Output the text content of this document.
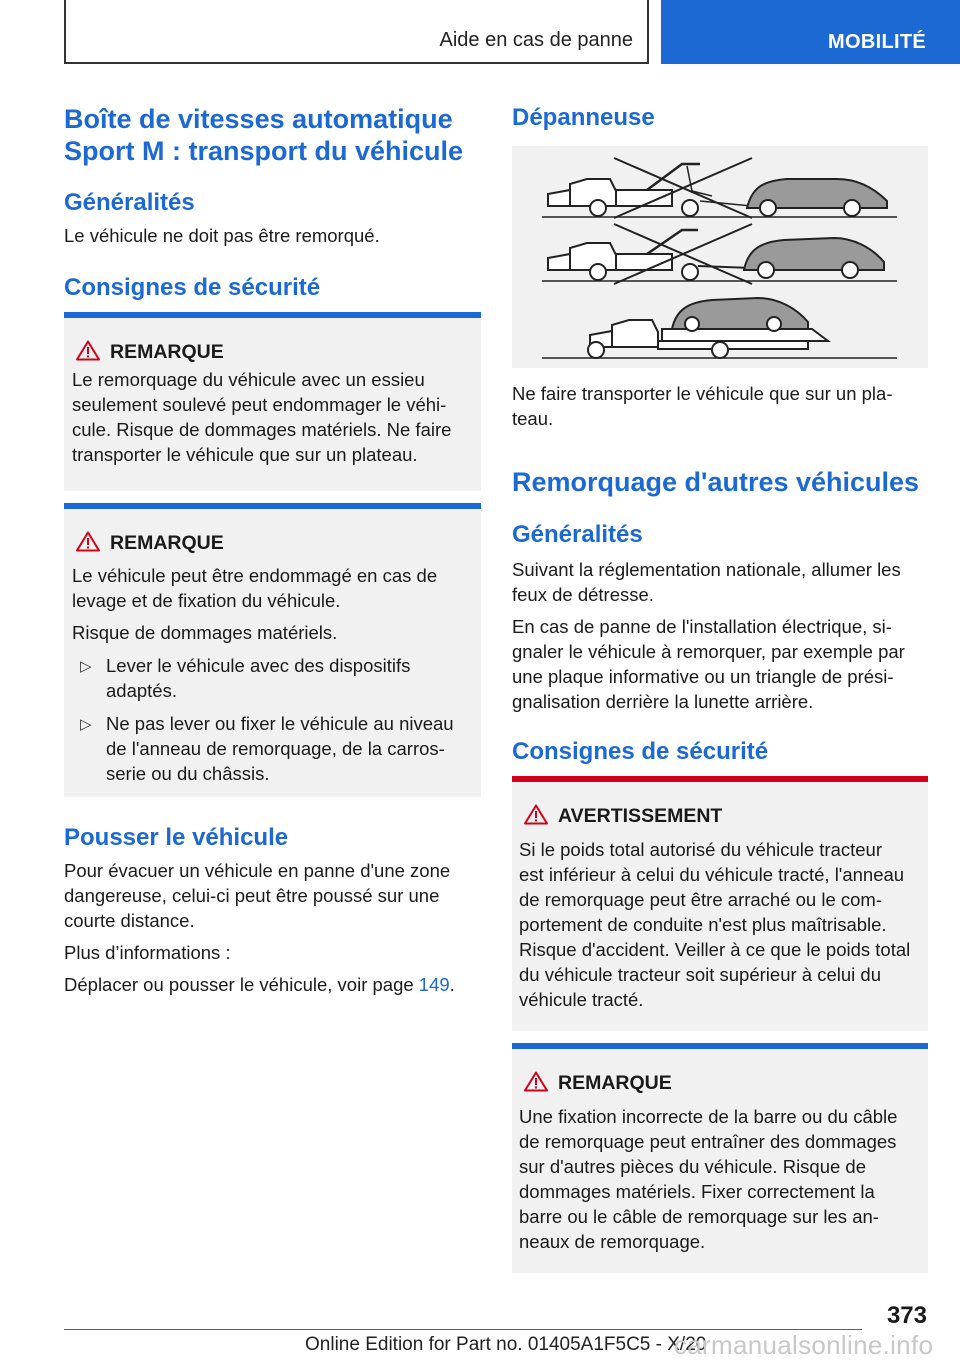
Aide en cas de panne	MOBILITÉ
Boîte de vitesses automatique
Sport M : transport du véhicule
Généralités

Le véhicule ne doit pas être remorqué.

Consignes de sécurité
REMARQUE

Le remorquage du véhicule avec un essieu

seulement soulevé peut endommager le véhi-

cule. Risque de dommages matériels. Ne faire

transporter le véhicule que sur un plateau.

REMARQUE

Le véhicule peut être endommagé en cas de

levage et de fixation du véhicule.

Risque de dommages matériels.

▷ Lever le véhicule avec des dispositifs

adaptés.

▷ Ne pas lever ou fixer le véhicule au niveau

de l'anneau de remorquage, de la carros-

serie ou du châssis.

Pousser le véhicule

Pour évacuer un véhicule en panne d'une zone

dangereuse, celui-ci peut être poussé sur une

courte distance.

Plus d’informations :

Déplacer ou pousser le véhicule, voir page 149.

Dépanneuse

Ne faire transporter le véhicule que sur un pla-

teau.

Remorquage d'autres véhicules
Généralités

Suivant la réglementation nationale, allumer les

feux de détresse.

En cas de panne de l'installation électrique, si-

gnaler le véhicule à remorquer, par exemple par

une plaque informative ou un triangle de prési-

gnalisation derrière la lunette arrière.

Consignes de sécurité
AVERTISSEMENT

Si le poids total autorisé du véhicule tracteur

est inférieur à celui du véhicule tracté, l'anneau

de remorquage peut être arraché ou le com-

portement de conduite n'est plus maîtrisable.

Risque d'accident. Veiller à ce que le poids total

du véhicule tracteur soit supérieur à celui du

véhicule tracté.

REMARQUE

Une fixation incorrecte de la barre ou du câble

de remorquage peut entraîner des dommages

sur d'autres pièces du véhicule. Risque de

dommages matériels. Fixer correctement la

barre ou le câble de remorquage sur les an-

neaux de remorquage.

373
Online Edition for Part no. 01405A1F5C5 - X/20
carmanualsonline.info
